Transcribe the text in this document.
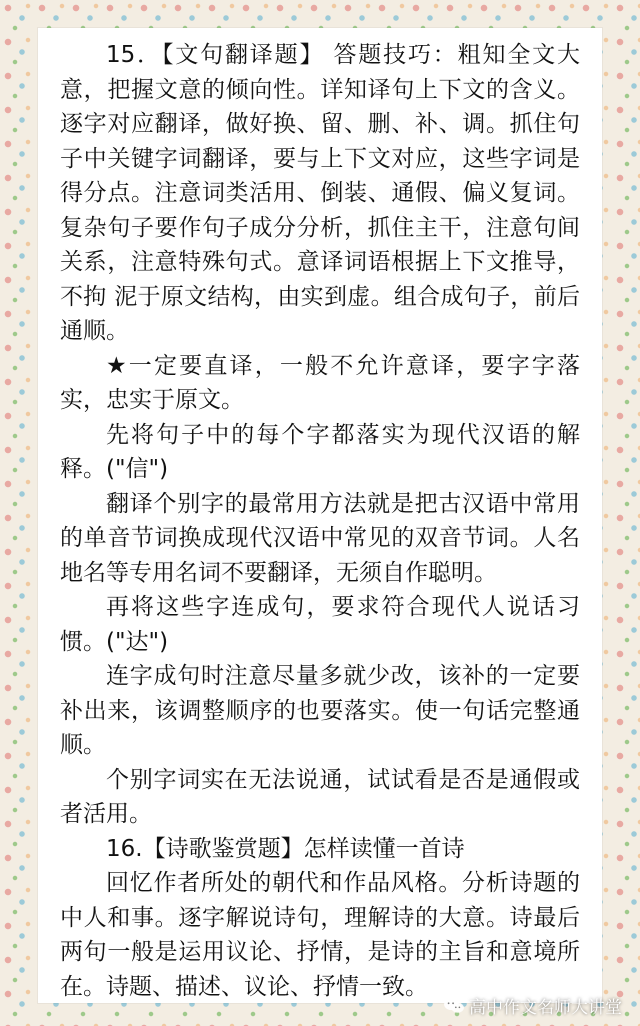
15．【文句翻译题】 答题技巧：粗知全文大意，把握文意的倾向性。详知译句上下文的含义。逐字对应翻译，做好换、留、删、补、调。抓住句子中关键字词翻译，要与上下文对应，这些字词是得分点。注意词类活用、倒装、通假、偏义复词。复杂句子要作句子成分分析，抓住主干，注意句间关系，注意特殊句式。意译词语根据上下文推导，不拘 泥于原文结构，由实到虚。组合成句子，前后通顺。

★一定要直译，一般不允许意译，要字字落实，忠实于原文。

先将句子中的每个字都落实为现代汉语的解释。("信")

翻译个别字的最常用方法就是把古汉语中常用的单音节词换成现代汉语中常见的双音节词。人名地名等专用名词不要翻译，无须自作聪明。

再将这些字连成句，要求符合现代人说话习惯。("达")

连字成句时注意尽量多就少改，该补的一定要补出来，该调整顺序的也要落实。使一句话完整通顺。

个别字词实在无法说通，试试看是否是通假或者活用。

16.【诗歌鉴赏题】怎样读懂一首诗

回忆作者所处的朝代和作品风格。分析诗题的中人和事。逐字解说诗句，理解诗的大意。诗最后两句一般是运用议论、抒情，是诗的主旨和意境所在。诗题、描述、议论、抒情一致。

高中作文名师大讲堂
